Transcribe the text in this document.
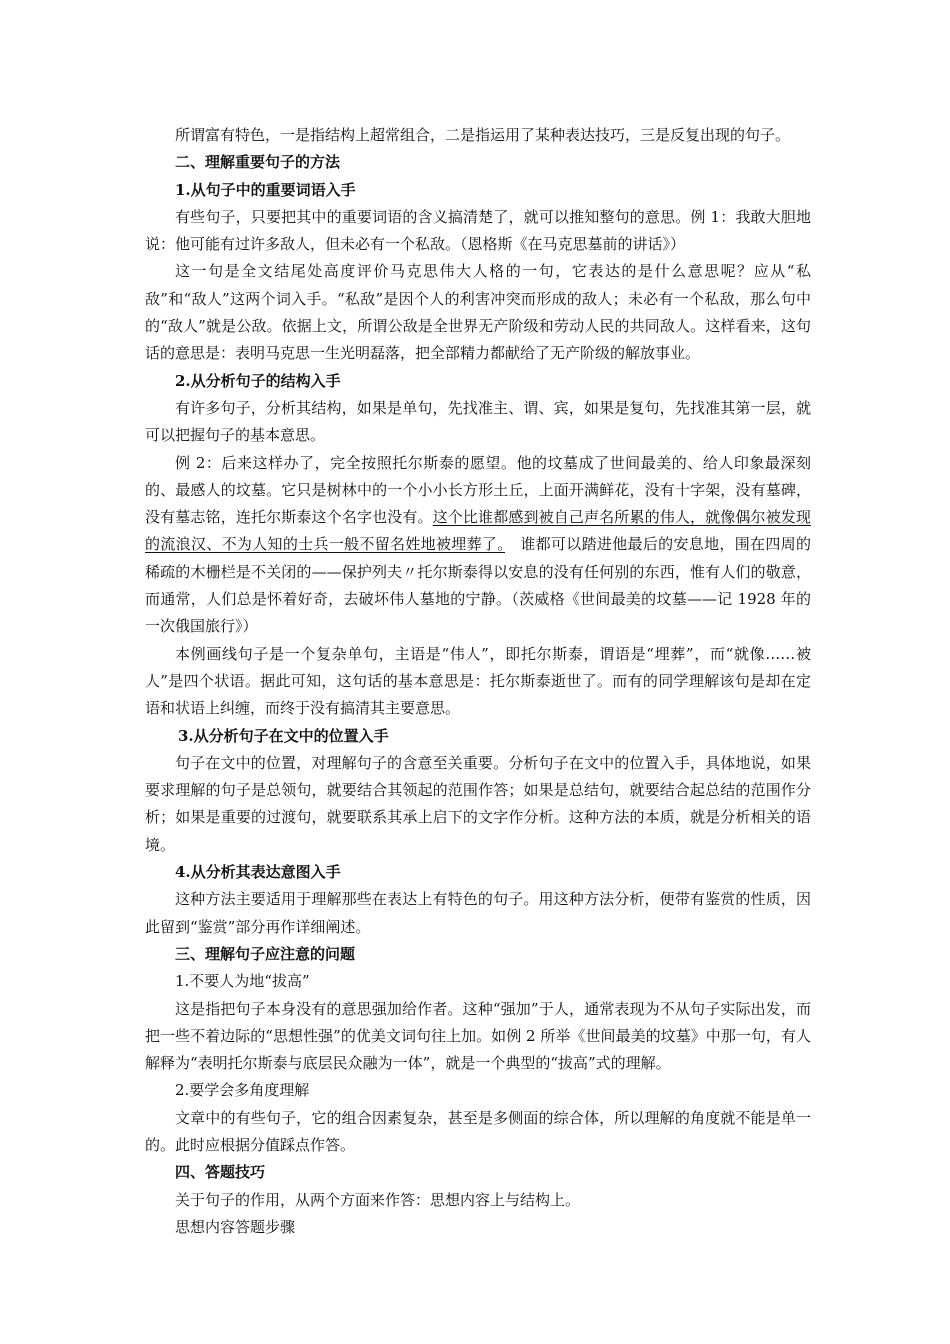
所谓富有特色，一是指结构上超常组合，二是指运用了某种表达技巧，三是反复出现的句子。

二、理解重要句子的方法

1.从句子中的重要词语入手

有些句子，只要把其中的重要词语的含义搞清楚了，就可以推知整句的意思。例 1：我敢大胆地说：他可能有过许多敌人，但未必有一个私敌。（恩格斯《在马克思墓前的讲话》）

这一句是全文结尾处高度评价马克思伟大人格的一句，它表达的是什么意思呢？应从“私敌”和“敌人”这两个词入手。“私敌”是因个人的利害冲突而形成的敌人；未必有一个私敌，那么句中的“敌人”就是公敌。依据上文，所谓公敌是全世界无产阶级和劳动人民的共同敌人。这样看来，这句话的意思是：表明马克思一生光明磊落，把全部精力都献给了无产阶级的解放事业。

2.从分析句子的结构入手

有许多句子，分析其结构，如果是单句，先找准主、谓、宾，如果是复句，先找准其第一层，就可以把握句子的基本意思。

例 2：后来这样办了，完全按照托尔斯泰的愿望。他的坟墓成了世间最美的、给人印象最深刻的、最感人的坟墓。它只是树林中的一个小小长方形土丘，上面开满鲜花，没有十字架，没有墓碑，没有墓志铭，连托尔斯泰这个名字也没有。这个比谁都感到被自己声名所累的伟人，就像偶尔被发现的流浪汉、不为人知的士兵一般不留名姓地被埋葬了。　谁都可以踏进他最后的安息地，围在四周的稀疏的木栅栏是不关闭的——保护列夫〃托尔斯泰得以安息的没有任何别的东西，惟有人们的敬意，而通常，人们总是怀着好奇，去破坏伟人墓地的宁静。（茨威格《世间最美的坟墓——记 1928 年的一次俄国旅行》）

本例画线句子是一个复杂单句，主语是“伟人”，即托尔斯泰，谓语是“埋葬”，而“就像……被人”是四个状语。据此可知，这句话的基本意思是：托尔斯泰逝世了。而有的同学理解该句是却在定语和状语上纠缠，而终于没有搞清其主要意思。

3.从分析句子在文中的位置入手

句子在文中的位置，对理解句子的含意至关重要。分析句子在文中的位置入手，具体地说，如果要求理解的句子是总领句，就要结合其领起的范围作答；如果是总结句，就要结合起总结的范围作分析；如果是重要的过渡句，就要联系其承上启下的文字作分析。这种方法的本质，就是分析相关的语境。

4.从分析其表达意图入手

这种方法主要适用于理解那些在表达上有特色的句子。用这种方法分析，便带有鉴赏的性质，因此留到“鉴赏”部分再作详细阐述。

三、理解句子应注意的问题

1.不要人为地“拔高”

这是指把句子本身没有的意思强加给作者。这种“强加”于人，通常表现为不从句子实际出发，而把一些不着边际的“思想性强”的优美文词句往上加。如例 2 所举《世间最美的坟墓》中那一句，有人解释为“表明托尔斯泰与底层民众融为一体”，就是一个典型的“拔高”式的理解。

2.要学会多角度理解

文章中的有些句子，它的组合因素复杂，甚至是多侧面的综合体，所以理解的角度就不能是单一的。此时应根据分值踩点作答。

四、答题技巧

关于句子的作用，从两个方面来作答：思想内容上与结构上。

思想内容答题步骤
